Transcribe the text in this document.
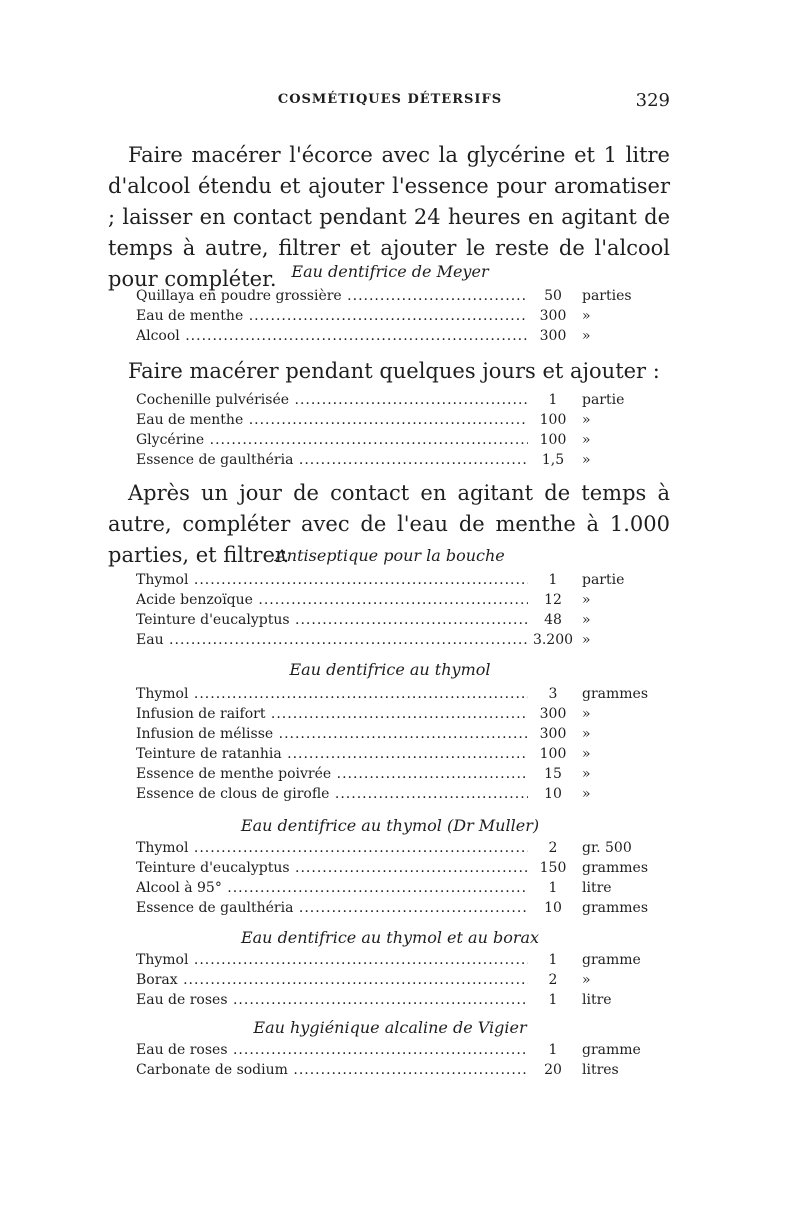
COSMÉTIQUES DÉTERSIFS	329
Faire macérer l'écorce avec la glycérine et 1 litre d'alcool étendu et ajouter l'essence pour aromatiser ; laisser en contact pendant 24 heures en agitant de temps à autre, filtrer et ajouter le reste de l'alcool pour compléter. Eau dentifrice de Meyer
Quillaya en poudre grossière .....	50	parties
Eau de menthe .....	300	»
Alcool .....	300	»
Faire macérer pendant quelques jours et ajouter :
Cochenille pulvérisée .....	1	partie
Eau de menthe .....	100	»
Glycérine .....	100	»
Essence de gaulthéria .....	1,5	»
Après un jour de contact en agitant de temps à autre, compléter avec de l'eau de menthe à 1.000 parties, et filtrer.
Antiseptique pour la bouche
Thymol .....	1	partie
Acide benzoïque .....	12	»
Teinture d'eucalyptus .....	48	»
Eau .....	3.200 »
Eau dentifrice au thymol
Thymol .....	3	grammes
Infusion de raifort .....	300	»
Infusion de mélisse .....	300	»
Teinture de ratanhia .....	100	»
Essence de menthe poivrée .....	15	»
Essence de clous de girofle .....	10	»
Eau dentifrice au thymol (Dr Muller)
Thymol .....	2	gr. 500
Teinture d'eucalyptus .....	150	grammes
Alcool à 95° .....	1	litre
Essence de gaulthéria .....	10	grammes
Eau dentifrice au thymol et au borax
Thymol .....	1	gramme
Borax .....	2	»
Eau de roses .....	1	litre
Eau hygiénique alcaline de Vigier
Eau de roses .....	1	gramme
Carbonate de sodium .....	20	litres
